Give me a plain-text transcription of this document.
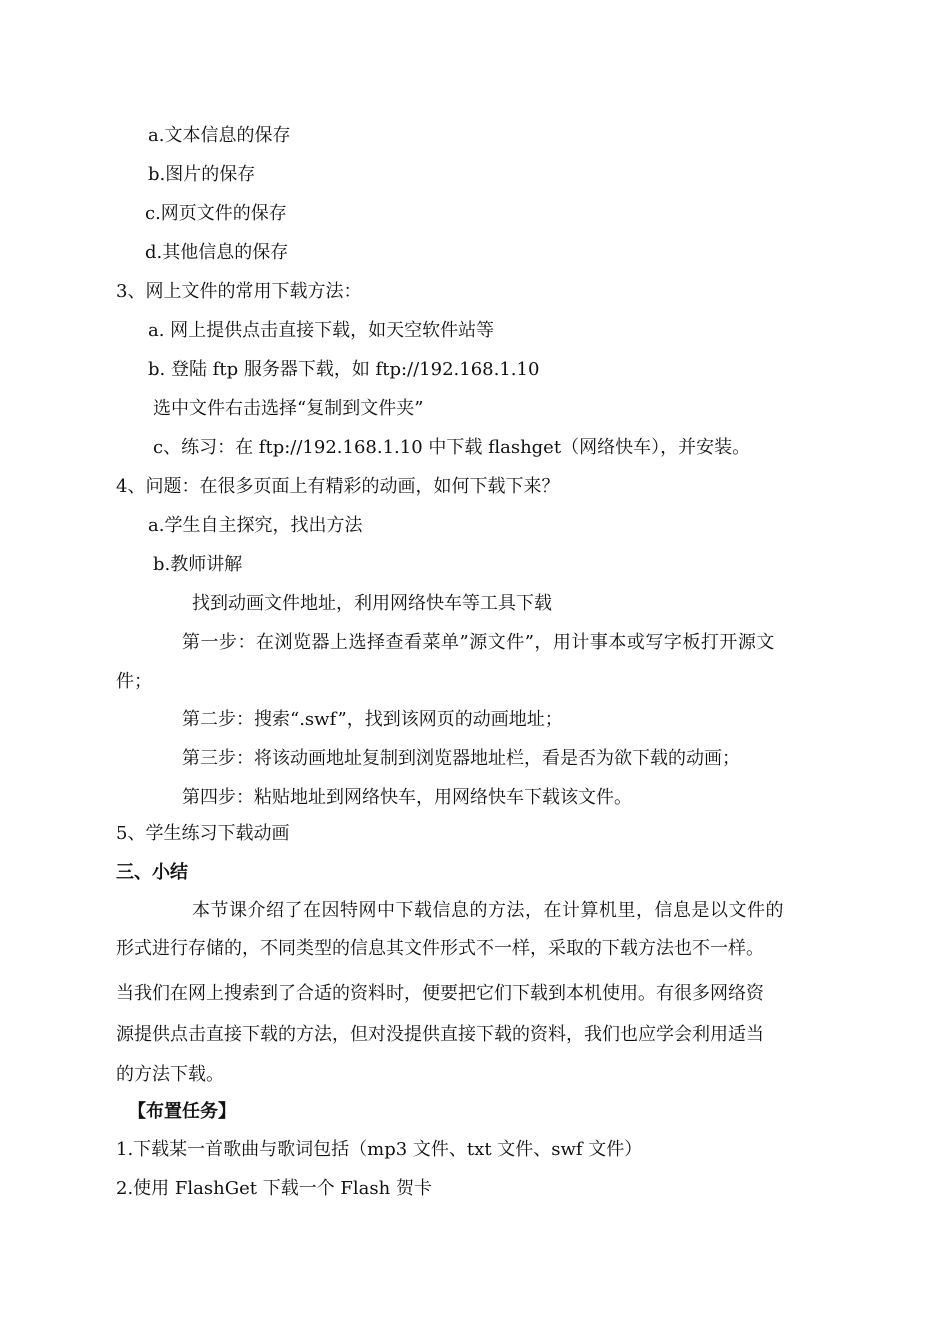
a.文本信息的保存

b.图片的保存

c.网页文件的保存

d.其他信息的保存

3、网上文件的常用下载方法：

a. 网上提供点击直接下载，如天空软件站等

b. 登陆 ftp 服务器下载，如 ftp://192.168.1.10

选中文件右击选择“复制到文件夹”

c、练习：在 ftp://192.168.1.10 中下载 flashget（网络快车），并安装。

4、问题：在很多页面上有精彩的动画，如何下载下来？

a.学生自主探究，找出方法

b.教师讲解

找到动画文件地址，利用网络快车等工具下载

第一步：在浏览器上选择查看菜单”源文件”，用计事本或写字板打开源文

件；

第二步：搜索“.swf”，找到该网页的动画地址；

第三步：将该动画地址复制到浏览器地址栏，看是否为欲下载的动画；

第四步：粘贴地址到网络快车，用网络快车下载该文件。

5、学生练习下载动画

三、小结

本节课介绍了在因特网中下载信息的方法，在计算机里，信息是以文件的

形式进行存储的，不同类型的信息其文件形式不一样，采取的下载方法也不一样。

当我们在网上搜索到了合适的资料时，便要把它们下载到本机使用。有很多网络资

源提供点击直接下载的方法，但对没提供直接下载的资料，我们也应学会利用适当

的方法下载。

【布置任务】

1.下载某一首歌曲与歌词包括（mp3 文件、txt 文件、swf 文件）

2.使用 FlashGet 下载一个 Flash 贺卡
